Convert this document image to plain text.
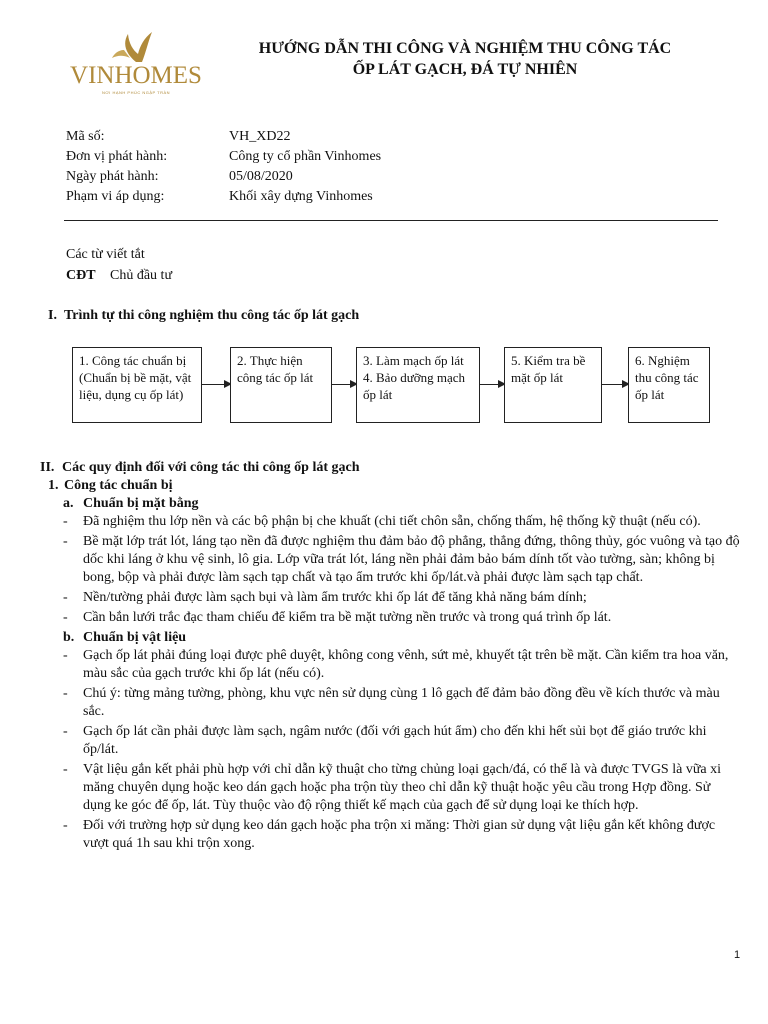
VINHOMES
NƠI HẠNH PHÚC NGẬP TRÀN
HƯỚNG DẪN THI CÔNG VÀ NGHIỆM THU CÔNG TÁC
ỐP LÁT GẠCH, ĐÁ TỰ NHIÊN
Mã số:	VH_XD22
Đơn vị phát hành:	Công ty cổ phần Vinhomes
Ngày phát hành:	05/08/2020
Phạm vi áp dụng:	Khối xây dựng Vinhomes
Các từ viết tắt
CĐT Chủ đầu tư
I. Trình tự thi công nghiệm thu công tác ốp lát gạch
1. Công tác chuẩn bị (Chuẩn bị bề mặt, vật liệu, dụng cụ ốp lát)
2. Thực hiện công tác ốp lát
3. Làm mạch ốp lát
4. Bảo dưỡng mạch ốp lát
5. Kiểm tra bề mặt ốp lát
6. Nghiệm thu công tác ốp lát
II. Các quy định đối với công tác thi công ốp lát gạch
1. Công tác chuẩn bị
a. Chuẩn bị mặt bằng
-	Đã nghiệm thu lớp nền và các bộ phận bị che khuất (chi tiết chôn sẵn, chống thấm, hệ thống kỹ thuật (nếu có).
-	Bề mặt lớp trát lót, láng tạo nền đã được nghiệm thu đảm bảo độ phẳng, thẳng đứng, thông thủy, góc vuông và tạo độ dốc khi láng ở khu vệ sinh, lô gia. Lớp vữa trát lót, láng nền phải đảm bảo bám dính tốt vào tường, sàn; không bị bong, bộp và phải được làm sạch tạp chất và tạo ẩm trước khi ốp/lát.và phải được làm sạch tạp chất.
-	Nền/tường phải được làm sạch bụi và làm ẩm trước khi ốp lát để tăng khả năng bám dính;
-	Cần bắn lưới trắc đạc tham chiếu để kiểm tra bề mặt tường nền trước và trong quá trình ốp lát.
b. Chuẩn bị vật liệu
-	Gạch ốp lát phải đúng loại được phê duyệt, không cong vênh, sứt mẻ, khuyết tật trên bề mặt. Cần kiểm tra hoa văn, màu sắc của gạch trước khi ốp lát (nếu có).
-	Chú ý: từng mảng tường, phòng, khu vực nên sử dụng cùng 1 lô gạch để đảm bảo đồng đều về kích thước và màu sắc.
-	Gạch ốp lát cần phải được làm sạch, ngâm nước (đối với gạch hút ẩm) cho đến khi hết sủi bọt để giáo trước khi ốp/lát.
-	Vật liệu gắn kết phải phù hợp với chỉ dẫn kỹ thuật cho từng chủng loại gạch/đá, có thể là và được TVGS là vữa xi măng chuyên dụng hoặc keo dán gạch hoặc pha trộn tùy theo chỉ dẫn kỹ thuật hoặc yêu cầu trong Hợp đồng. Sử dụng ke góc để ốp, lát. Tùy thuộc vào độ rộng thiết kế mạch của gạch để sử dụng loại ke thích hợp.
-	Đối với trường hợp sử dụng keo dán gạch hoặc pha trộn xi măng: Thời gian sử dụng vật liệu gắn kết không được vượt quá 1h sau khi trộn xong.
1
